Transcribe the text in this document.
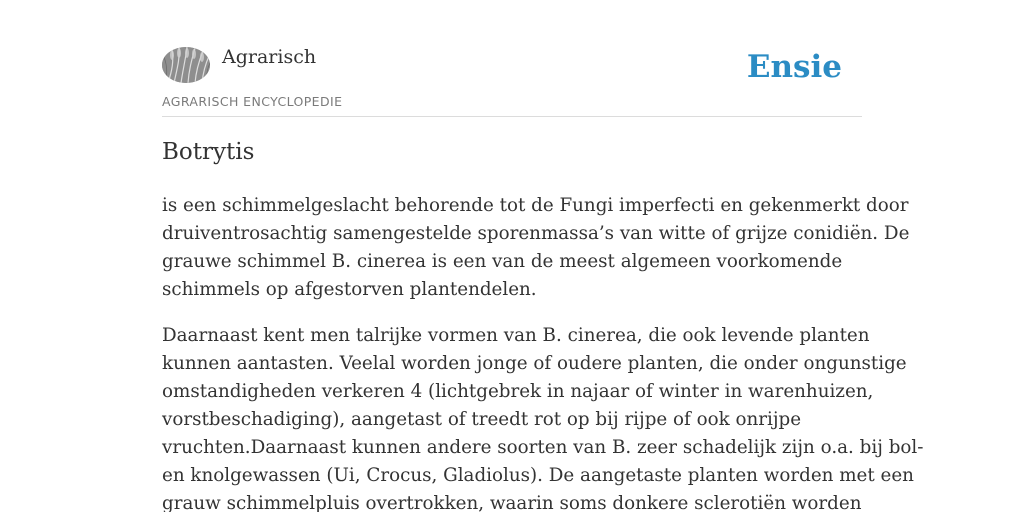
Agrarisch
AGRARISCH ENCYCLOPEDIE
Ensie
Botrytis

is een schimmelgeslacht behorende tot de Fungi imperfecti en gekenmerkt door
druiventrosachtig samengestelde sporenmassa’s van witte of grijze conidiën. De
grauwe schimmel B. cinerea is een van de meest algemeen voorkomende
schimmels op afgestorven plantendelen.

Daarnaast kent men talrijke vormen van B. cinerea, die ook levende planten
kunnen aantasten. Veelal worden jonge of oudere planten, die onder ongunstige
omstandigheden verkeren 4 (lichtgebrek in najaar of winter in warenhuizen,
vorstbeschadiging), aangetast of treedt rot op bij rijpe of ook onrijpe
vruchten.Daarnaast kunnen andere soorten van B. zeer schadelijk zijn o.a. bij bol-
en knolgewassen (Ui, Crocus, Gladiolus). De aangetaste planten worden met een
grauw schimmelpluis overtrokken, waarin soms donkere sclerotiën worden
